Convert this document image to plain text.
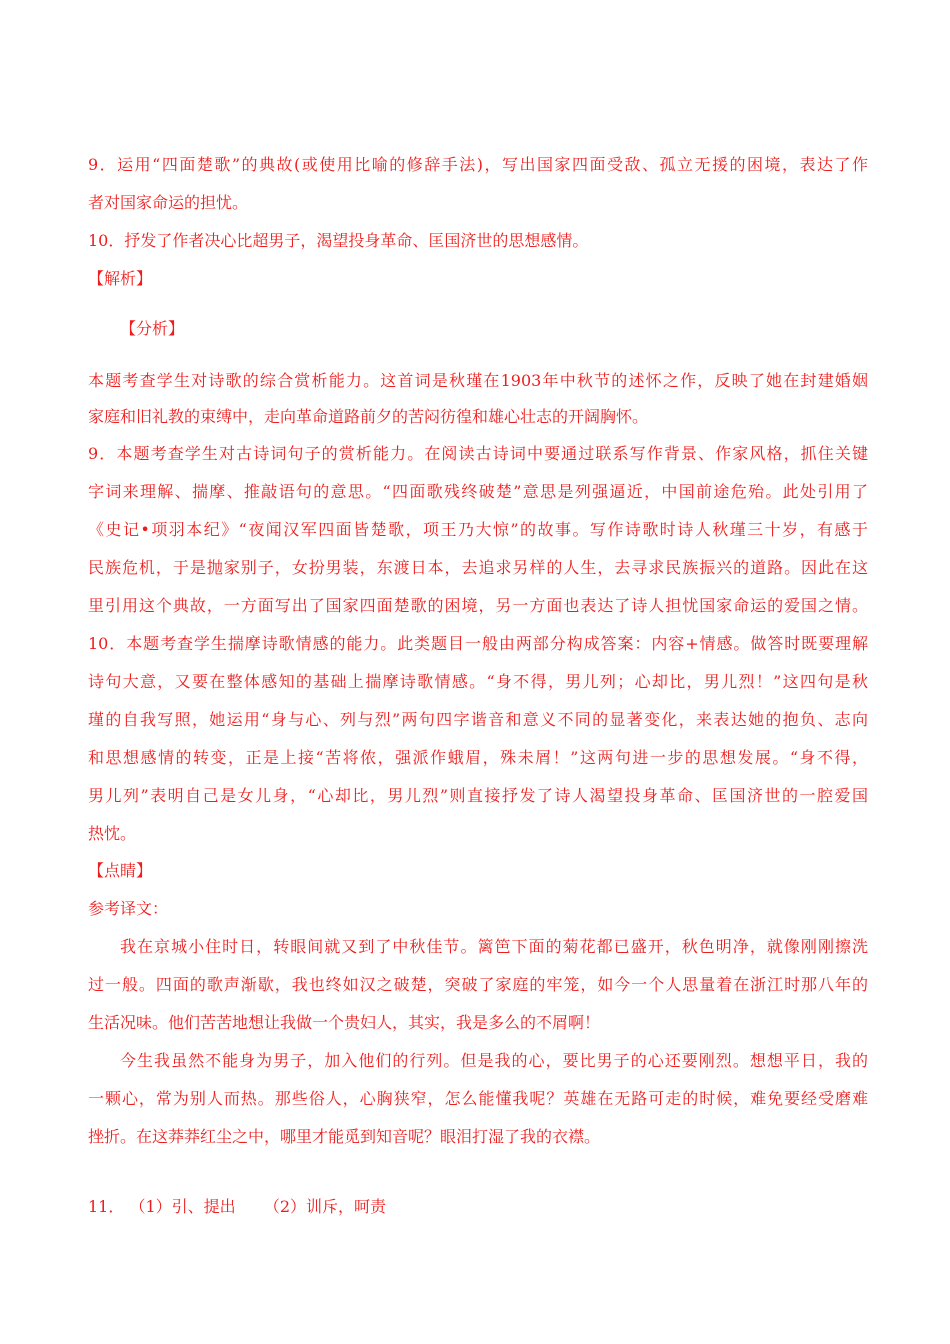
9．运用“四面楚歌”的典故(或使用比喻的修辞手法)，写出国家四面受敌、孤立无援的困境，表达了作
者对国家命运的担忧。
10．抒发了作者决心比超男子，渴望投身革命、匡国济世的思想感情。
【解析】
【分析】
本题考查学生对诗歌的综合赏析能力。这首词是秋瑾在1903年中秋节的述怀之作，反映了她在封建婚姻
家庭和旧礼教的束缚中，走向革命道路前夕的苦闷彷徨和雄心壮志的开阔胸怀。
9．本题考查学生对古诗词句子的赏析能力。在阅读古诗词中要通过联系写作背景、作家风格，抓住关键
字词来理解、揣摩、推敲语句的意思。“四面歌残终破楚”意思是列强逼近，中国前途危殆。此处引用了
《史记•项羽本纪》“夜闻汉军四面皆楚歌，项王乃大惊”的故事。写作诗歌时诗人秋瑾三十岁，有感于
民族危机，于是抛家别子，女扮男装，东渡日本，去追求另样的人生，去寻求民族振兴的道路。因此在这
里引用这个典故，一方面写出了国家四面楚歌的困境，另一方面也表达了诗人担忧国家命运的爱国之情。
10．本题考查学生揣摩诗歌情感的能力。此类题目一般由两部分构成答案：内容+情感。做答时既要理解
诗句大意，又要在整体感知的基础上揣摩诗歌情感。“身不得，男儿列；心却比，男儿烈！”这四句是秋
瑾的自我写照，她运用“身与心、列与烈”两句四字谐音和意义不同的显著变化，来表达她的抱负、志向
和思想感情的转变，正是上接“苦将侬，强派作蛾眉，殊未屑！”这两句进一步的思想发展。“身不得，
男儿列”表明自己是女儿身，“心却比，男儿烈”则直接抒发了诗人渴望投身革命、匡国济世的一腔爱国
热忱。
【点睛】
参考译文：
我在京城小住时日，转眼间就又到了中秋佳节。篱笆下面的菊花都已盛开，秋色明净，就像刚刚擦洗
过一般。四面的歌声渐歇，我也终如汉之破楚，突破了家庭的牢笼，如今一个人思量着在浙江时那八年的
生活况味。他们苦苦地想让我做一个贵妇人，其实，我是多么的不屑啊！
今生我虽然不能身为男子，加入他们的行列。但是我的心，要比男子的心还要刚烈。想想平日，我的
一颗心，常为别人而热。那些俗人，心胸狭窄，怎么能懂我呢？英雄在无路可走的时候，难免要经受磨难
挫折。在这莽莽红尘之中，哪里才能觅到知音呢？眼泪打湿了我的衣襟。
11． （1）引、提出 （2）训斥，呵责
